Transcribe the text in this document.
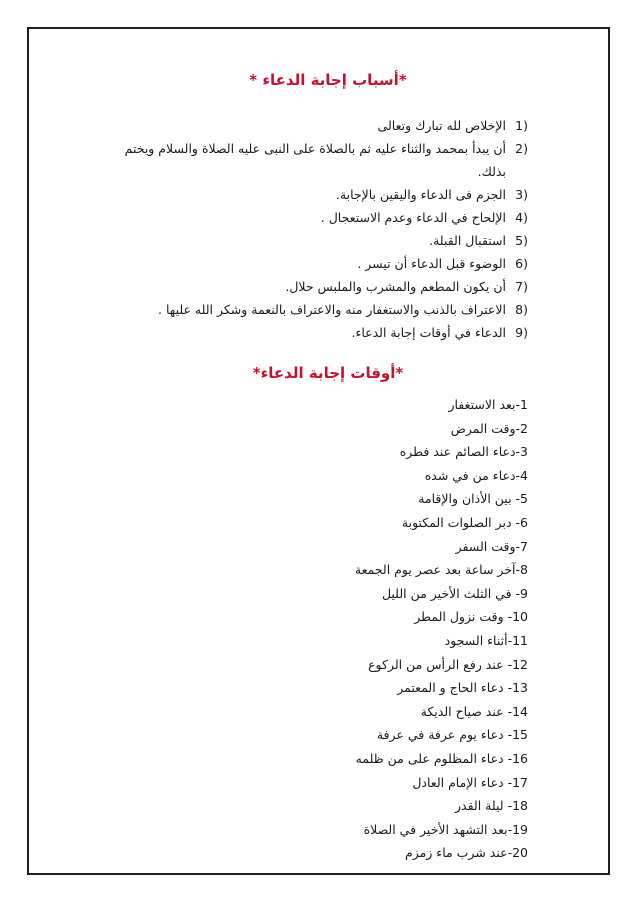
*أسباب إجابة الدعاء *
1)
الإخلاص لله تبارك وتعالى
2)
أن يبدأ بمحمد والثناء عليه ثم بالصلاة على النبى عليه الصلاة والسلام ويختم
بذلك.
3)
الجزم فى الدعاء واليقين بالإجابة.
4)
الإلحاح في الدعاء وعدم الاستعجال .
5)
استقبال القبلة.
6)
الوضوء قبل الدعاء أن تيسر .
7)
أن يكون المطعم والمشرب والملبس حلال.
8)
الاعتراف بالذنب والاستغفار منه والاعتراف بالنعمة وشكر الله عليها .
9)
الدعاء في أوقات إجابة الدعاء.
*أوقات إجابة الدعاء*
1-بعد الاستغفار
2-وقت المرض
3-دعاء الصائم عند فطره
4-دعاء من في شده
5- بين الأذان والإقامة
6- دبر الصلوات المكتوبة
7-وقت السفر
8-آخر ساعة بعد عصر يوم الجمعة
9- في الثلث الأخير من الليل
10- وقت نزول المطر
11-أثناء السجود
12- عند رفع الرأس من الركوع
13- دعاء الحاج و المعتمر
14- عند صياح الديكة
15- دعاء يوم عرفة في عرفة
16- دعاء المظلوم على من ظلمه
17- دعاء الإمام العادل
18- ليلة القدر
19-بعد التشهد الأخير في الصلاة
20-عند شرب ماء زمزم
